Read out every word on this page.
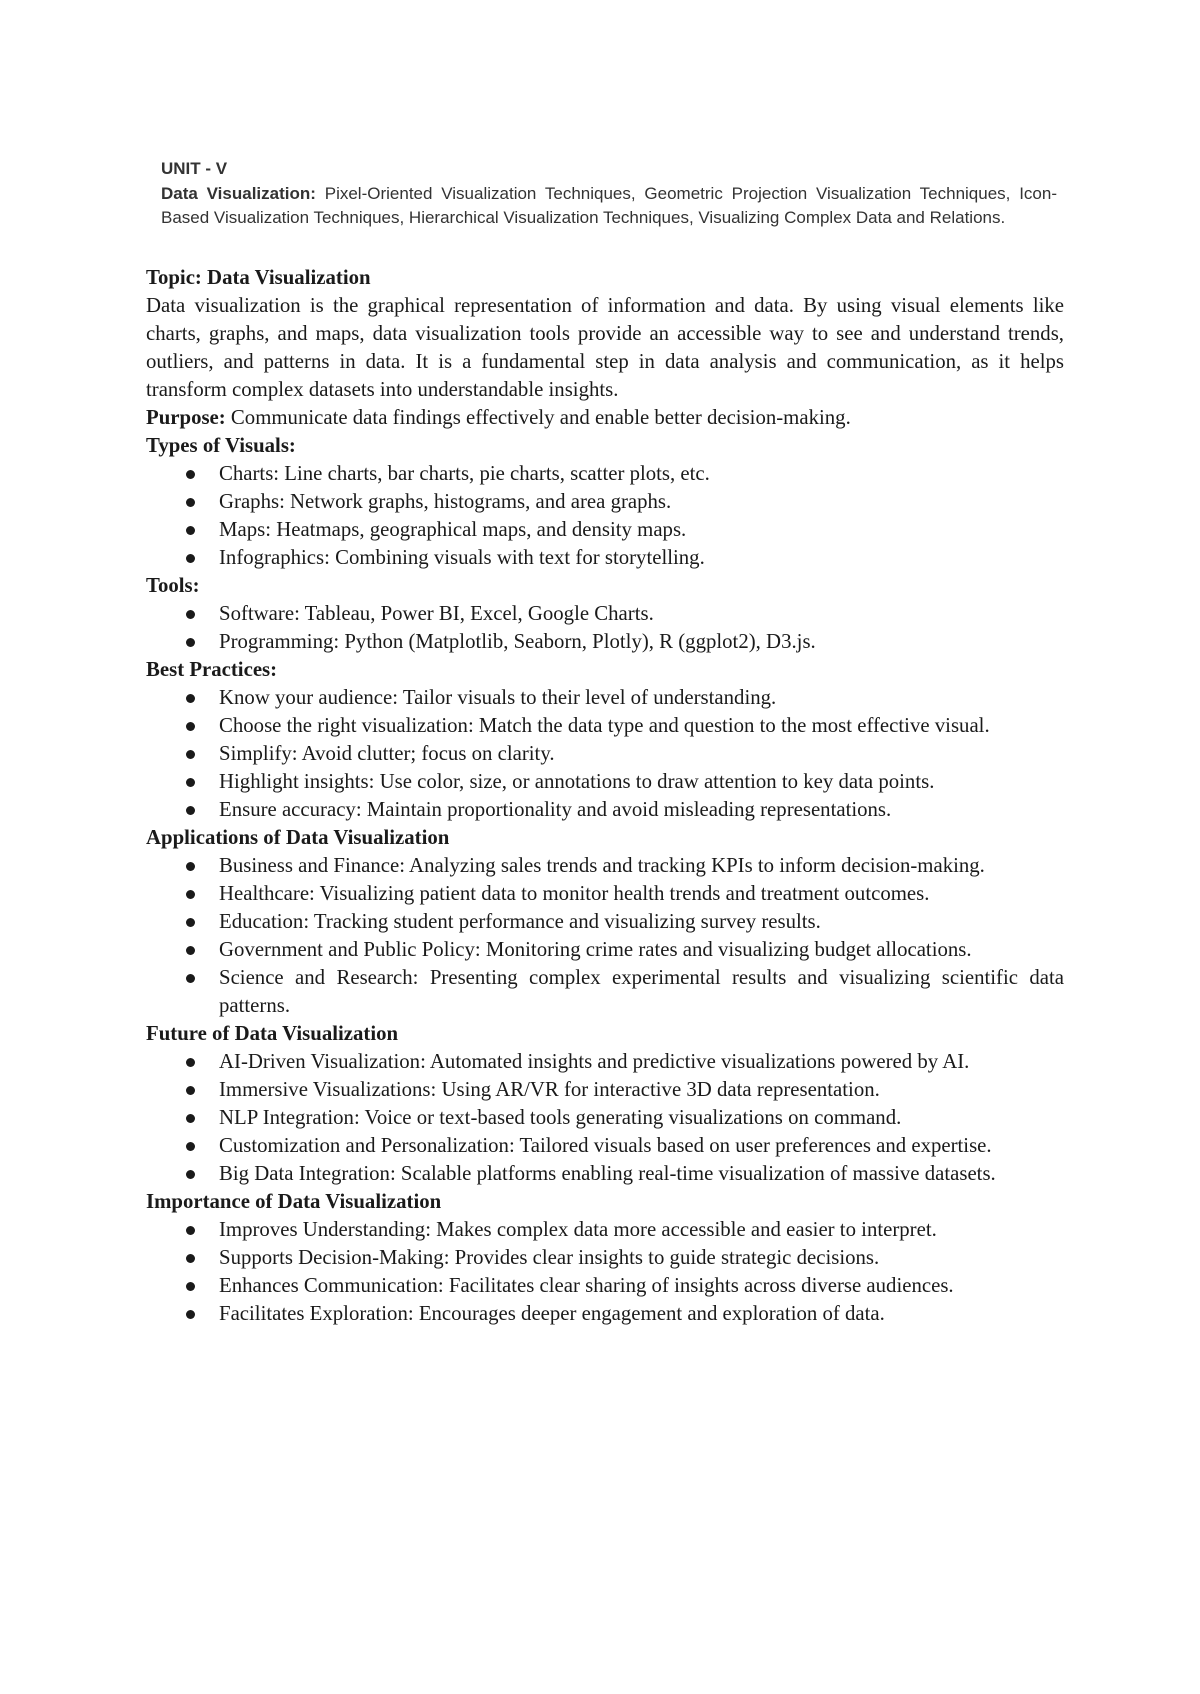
UNIT - V

Data Visualization: Pixel-Oriented Visualization Techniques, Geometric Projection Visualization Techniques, Icon-Based Visualization Techniques, Hierarchical Visualization Techniques, Visualizing Complex Data and Relations.

Topic: Data Visualization

Data visualization is the graphical representation of information and data. By using visual elements like charts, graphs, and maps, data visualization tools provide an accessible way to see and understand trends, outliers, and patterns in data. It is a fundamental step in data analysis and communication, as it helps transform complex datasets into understandable insights.

Purpose: Communicate data findings effectively and enable better decision-making.

Types of Visuals:

Charts: Line charts, bar charts, pie charts, scatter plots, etc.
Graphs: Network graphs, histograms, and area graphs.
Maps: Heatmaps, geographical maps, and density maps.
Infographics: Combining visuals with text for storytelling.

Tools:

Software: Tableau, Power BI, Excel, Google Charts.
Programming: Python (Matplotlib, Seaborn, Plotly), R (ggplot2), D3.js.

Best Practices:

Know your audience: Tailor visuals to their level of understanding.
Choose the right visualization: Match the data type and question to the most effective visual.
Simplify: Avoid clutter; focus on clarity.
Highlight insights: Use color, size, or annotations to draw attention to key data points.
Ensure accuracy: Maintain proportionality and avoid misleading representations.

Applications of Data Visualization

Business and Finance: Analyzing sales trends and tracking KPIs to inform decision-making.
Healthcare: Visualizing patient data to monitor health trends and treatment outcomes.
Education: Tracking student performance and visualizing survey results.
Government and Public Policy: Monitoring crime rates and visualizing budget allocations.
Science and Research: Presenting complex experimental results and visualizing scientific data patterns.

Future of Data Visualization

AI-Driven Visualization: Automated insights and predictive visualizations powered by AI.
Immersive Visualizations: Using AR/VR for interactive 3D data representation.
NLP Integration: Voice or text-based tools generating visualizations on command.
Customization and Personalization: Tailored visuals based on user preferences and expertise.
Big Data Integration: Scalable platforms enabling real-time visualization of massive datasets.

Importance of Data Visualization

Improves Understanding: Makes complex data more accessible and easier to interpret.
Supports Decision-Making: Provides clear insights to guide strategic decisions.
Enhances Communication: Facilitates clear sharing of insights across diverse audiences.
Facilitates Exploration: Encourages deeper engagement and exploration of data.
